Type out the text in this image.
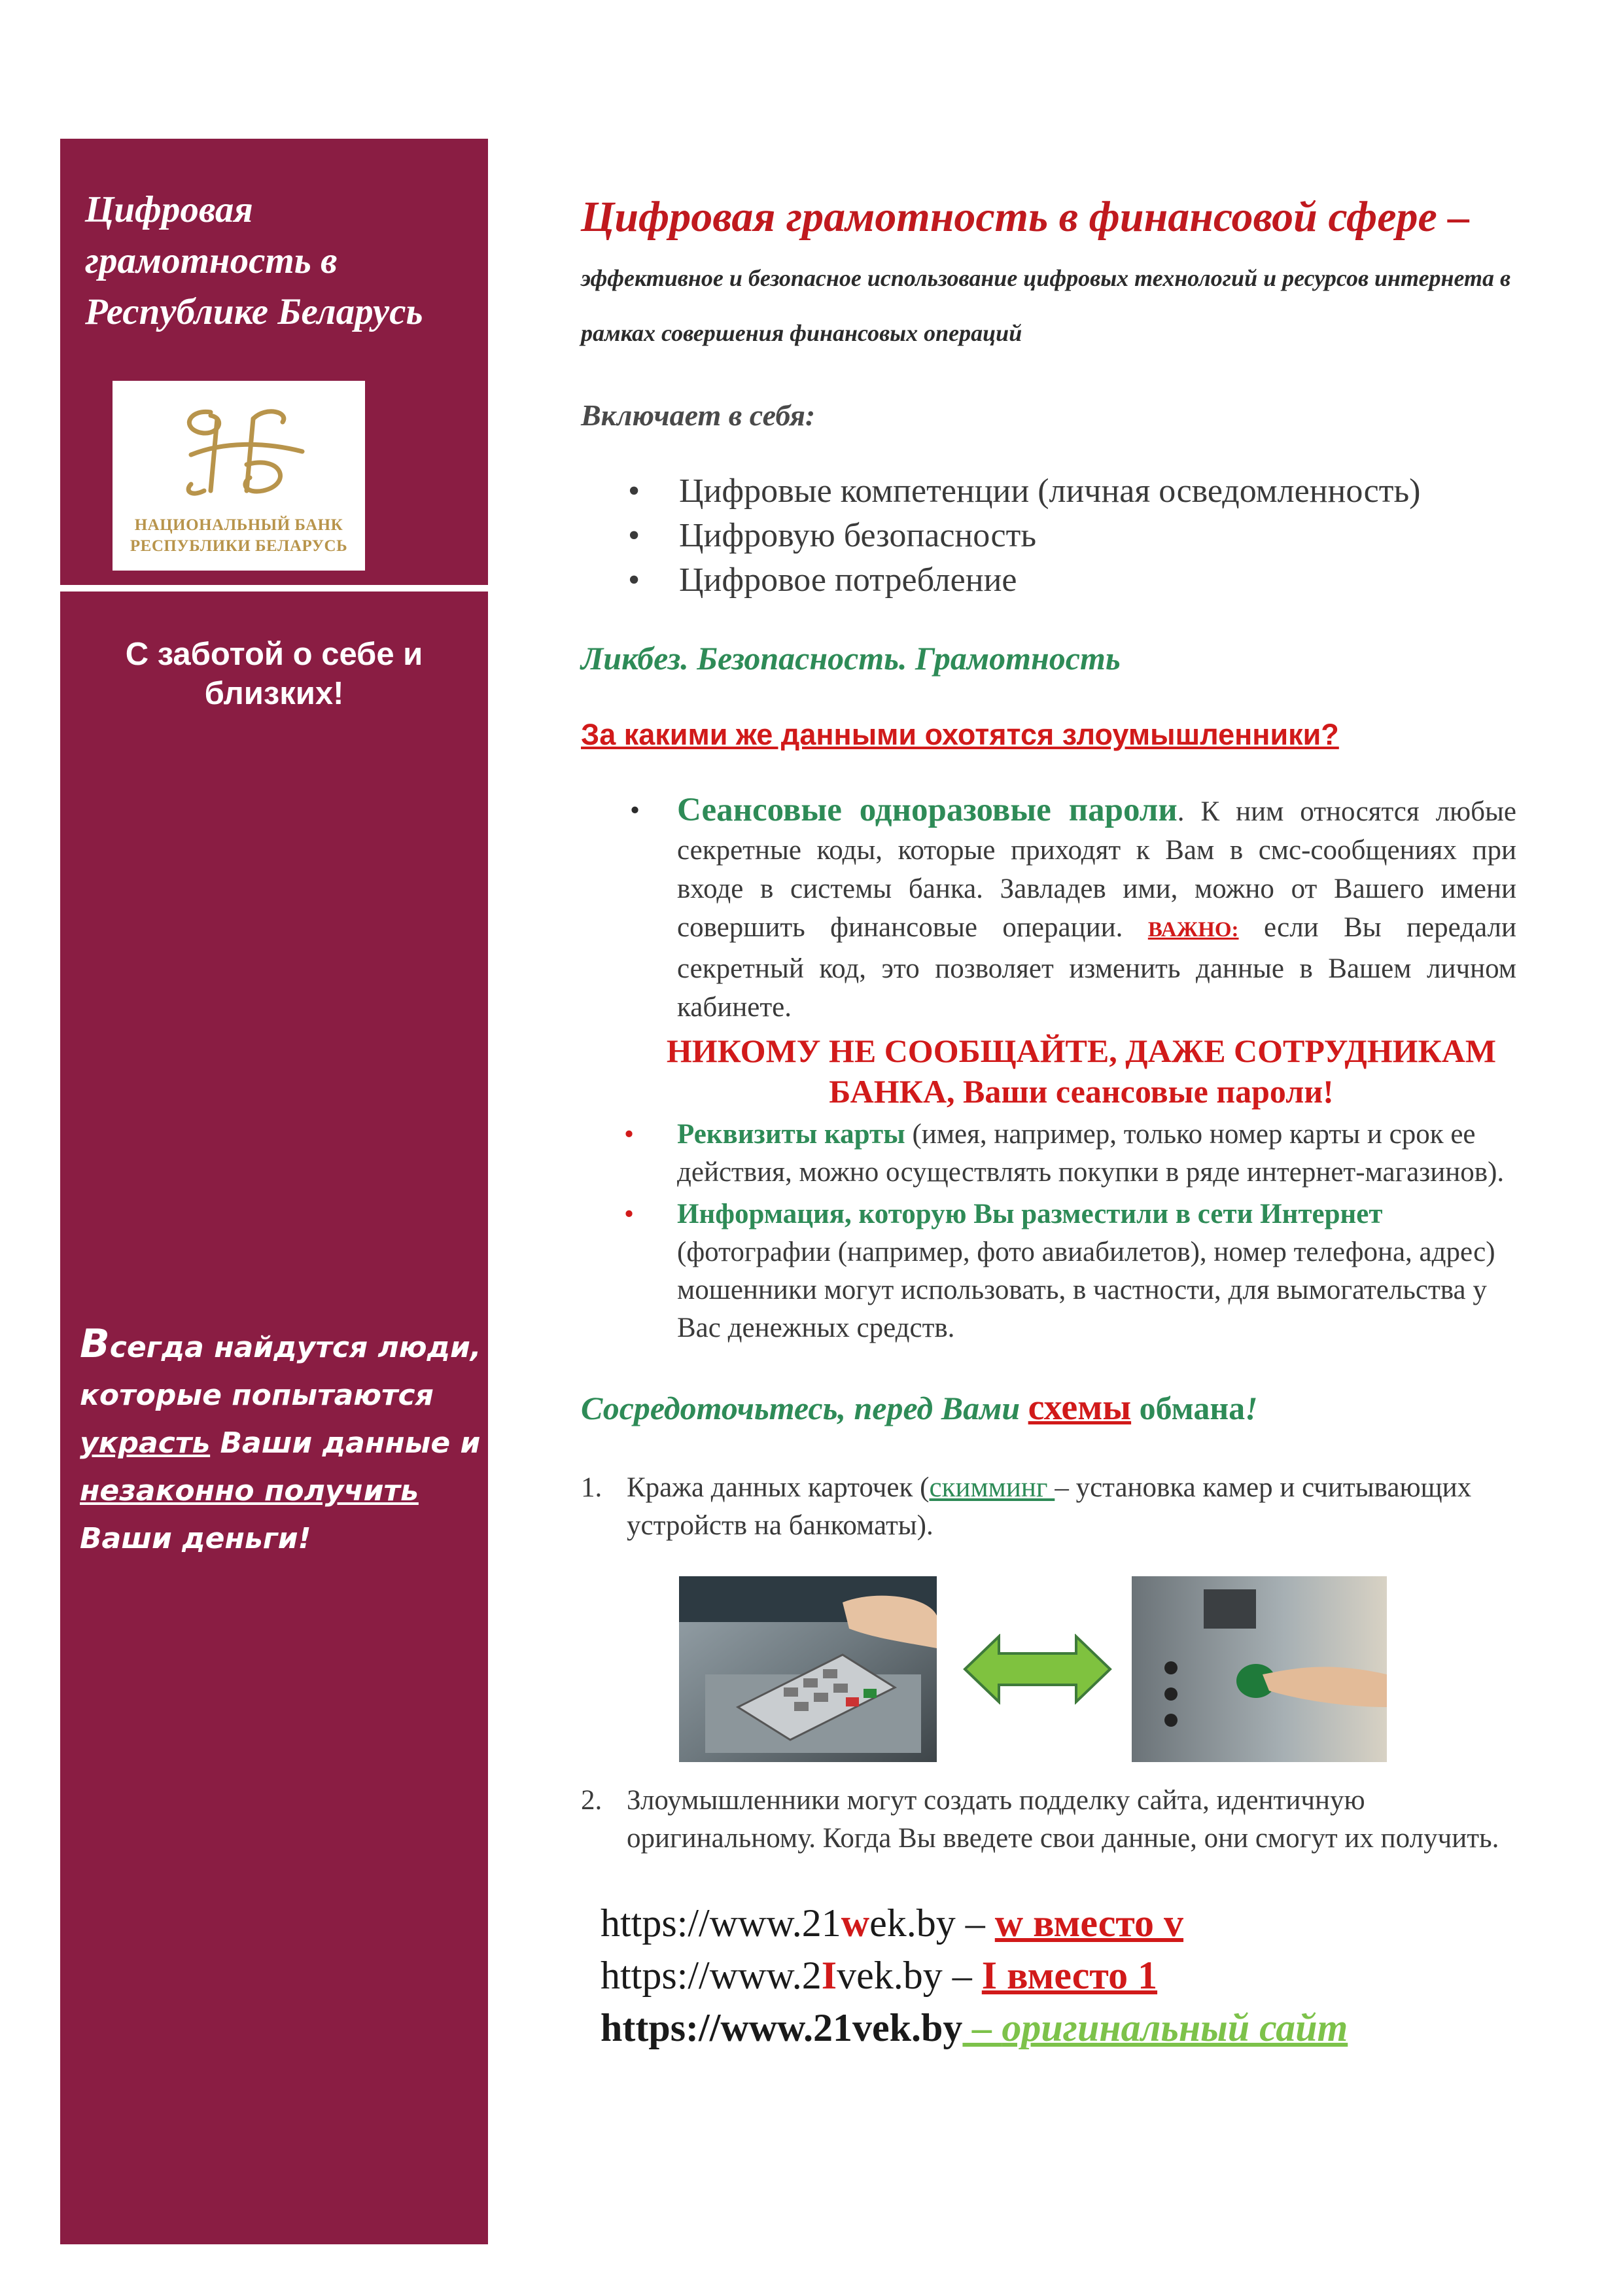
Цифровая грамотность в Республике Беларусь
НАЦИОНАЛЬНЫЙ БАНК
РЕСПУБЛИКИ БЕЛАРУСЬ
С заботой о себе и близких!
Всегда найдутся люди, которые попытаются украсть Ваши данные и незаконно получить Ваши деньги!

Цифровая грамотность в финансовой сфере – эффективное и безопасное использование цифровых технологий и ресурсов интернета в рамках совершения финансовых операций

Включает в себя:
• Цифровые компетенции (личная осведомленность)
• Цифровую безопасность
• Цифровое потребление
Ликбез. Безопасность. Грамотность
За какими же данными охотятся злоумышленники?
• Сеансовые одноразовые пароли. К ним относятся любые секретные коды, которые приходят к Вам в смс-сообщениях при входе в системы банка. Завладев ими, можно от Вашего имени совершить финансовые операции. ВАЖНО: если Вы передали секретный код, это позволяет изменить данные в Вашем личном кабинете.
НИКОМУ НЕ СООБЩАЙТЕ, ДАЖЕ СОТРУДНИКАМ БАНКА, Ваши сеансовые пароли!
• Реквизиты карты (имея, например, только номер карты и срок ее действия, можно осуществлять покупки в ряде интернет-магазинов).
• Информация, которую Вы разместили в сети Интернет (фотографии (например, фото авиабилетов), номер телефона, адрес) мошенники могут использовать, в частности, для вымогательства у Вас денежных средств.
Сосредоточьтесь, перед Вами схемы обмана!
1. Кража данных карточек (скимминг – установка камер и считывающих устройств на банкоматы).
2. Злоумышленники могут создать подделку сайта, идентичную оригинальному. Когда Вы введете свои данные, они смогут их получить.
https://www.21wek.by – w вместо v
https://www.2Ivek.by – I вместо 1
https://www.21vek.by – оригинальный сайт
